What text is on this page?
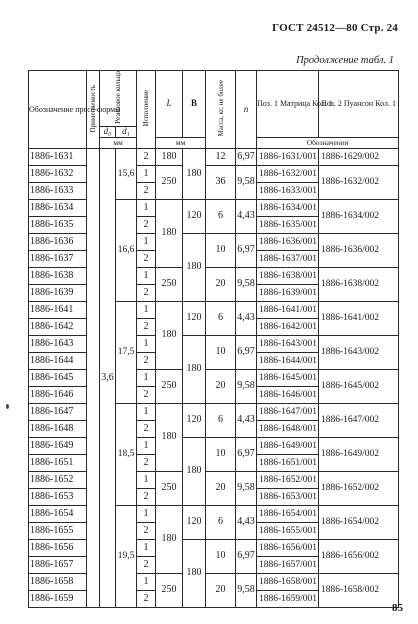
ГОСТ 24512—80 Стр. 24
Продолжение табл. 1
Обозначение пресс-формы	Применяемость	Резиновое кольцо		Исполнение	L	B	Масса, кг, не более	n	Поз. 1 Матрица Кол. 1	Поз. 2 Пуансон Кол. 1

		d₀	d₁							
		мм			мм				Обозначения	
1886-1631		3,6	15,6	2	180	180	12	6,97	1886-1631/001	1886-1629/002
1886-1632				1	250		36	9,58	1886-1632/001	1886-1632/002
1886-1633				2					1886-1633/001	
1886-1634			16,6	1	180	120	6	4,43	1886-1634/001	1886-1634/002
1886-1635				2					1886-1635/001	
1886-1636				1		180	10	6,97	1886-1636/001	1886-1636/002
1886-1637				2					1886-1637/001	
1886-1638				1	250		20	9,58	1886-1638/001	1886-1638/002
1886-1639				2					1886-1639/001	
1886-1641			17,5	1	180	120	6	4,43	1886-1641/001	1886-1641/002
1886-1642				2					1886-1642/001	
1886-1643				1		180	10	6,97	1886-1643/001	1886-1643/002
1886-1644				2					1886-1644/001	
1886-1645				1	250		20	9,58	1886-1645/001	1886-1645/002
1886-1646				2					1886-1646/001	
1886-1647			18,5	1	180	120	6	4,43	1886-1647/001	1886-1647/002
1886-1648				2					1886-1648/001	
1886-1649				1		180	10	6,97	1886-1649/001	1886-1649/002
1886-1651				2					1886-1651/001	
1886-1652				1	250		20	9,58	1886-1652/001	1886-1652/002
1886-1653				2					1886-1653/001	
1886-1654			19,5	1	180	120	6	4,43	1886-1654/001	1886-1654/002
1886-1655				2					1886-1655/001	
1886-1656				1		180	10	6,97	1886-1656/001	1886-1656/002
1886-1657				2					1886-1657/001	
1886-1658				1	250		20	9,58	1886-1658/001	1886-1658/002
1886-1659				2					1886-1659/001	
85
